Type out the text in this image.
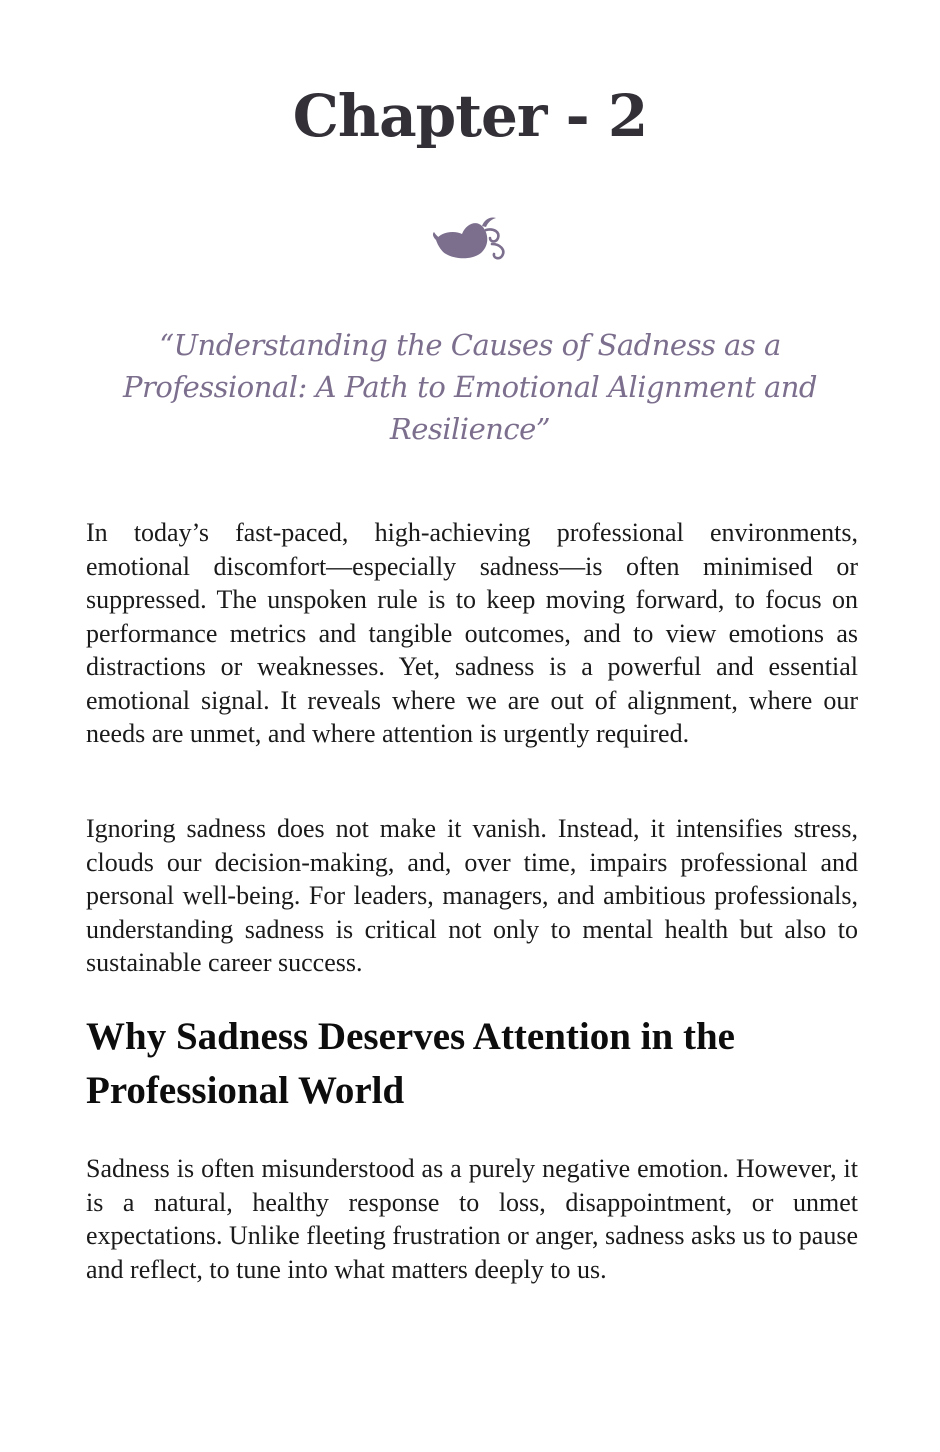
Chapter - 2

“Understanding the Causes of Sadness as a Professional: A Path to Emotional Alignment and Resilience”

In today’s fast-paced, high-achieving professional environments, emotional discomfort—especially sadness—is often minimised or suppressed. The unspoken rule is to keep moving forward, to focus on performance metrics and tangible outcomes, and to view emotions as distractions or weaknesses. Yet, sadness is a powerful and essential emotional signal. It reveals where we are out of alignment, where our needs are unmet, and where attention is urgently required.

Ignoring sadness does not make it vanish. Instead, it intensifies stress, clouds our decision-making, and, over time, impairs professional and personal well-being. For leaders, managers, and ambitious professionals, understanding sadness is critical not only to mental health but also to sustainable career success.

Why Sadness Deserves Attention in the Professional World

Sadness is often misunderstood as a purely negative emotion. However, it is a natural, healthy response to loss, disappointment, or unmet expectations. Unlike fleeting frustration or anger, sadness asks us to pause and reflect, to tune into what matters deeply to us.
